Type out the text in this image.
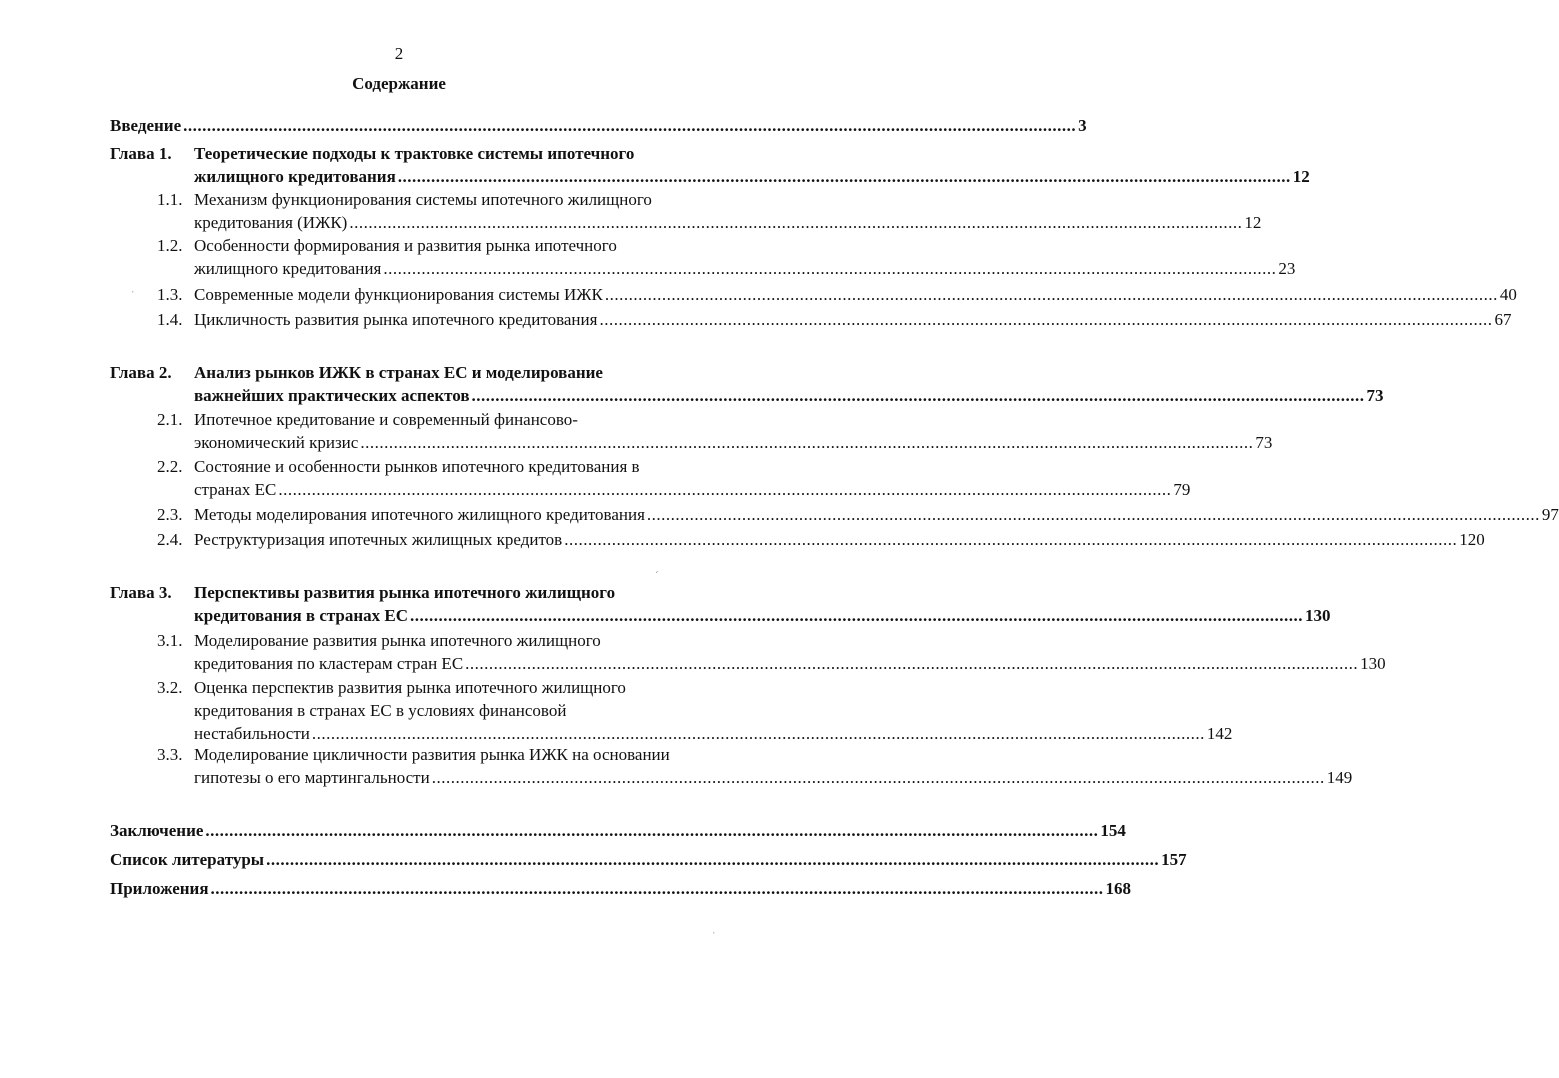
2
Содержание
Введение ............................................................................................................................................................................................ 3
Глава 1. Теоретические подходы к трактовке системы ипотечного
жилищного кредитования ............................................................................................................................................................................................ 12
1.1. Механизм функционирования системы ипотечного жилищного
кредитования (ИЖК) ............................................................................................................................................................................................ 12
1.2. Особенности формирования и развития рынка ипотечного
жилищного кредитования ............................................................................................................................................................................................ 23
1.3. Современные модели функционирования системы ИЖК ............................................................................................................................................................................................ 40
1.4. Цикличность развития рынка ипотечного кредитования ............................................................................................................................................................................................ 67
Глава 2. Анализ рынков ИЖК в странах ЕС и моделирование
важнейших практических аспектов ............................................................................................................................................................................................ 73
2.1. Ипотечное кредитование и современный финансово-
экономический кризис ............................................................................................................................................................................................ 73
2.2. Состояние и особенности рынков ипотечного кредитования в
странах ЕС ............................................................................................................................................................................................ 79
2.3. Методы моделирования ипотечного жилищного кредитования ............................................................................................................................................................................................ 97
2.4. Реструктуризация ипотечных жилищных кредитов ............................................................................................................................................................................................ 120
Глава 3. Перспективы развития рынка ипотечного жилищного
кредитования в странах ЕС ............................................................................................................................................................................................ 130
3.1. Моделирование развития рынка ипотечного жилищного
кредитования по кластерам стран ЕС ............................................................................................................................................................................................ 130
3.2. Оценка перспектив развития рынка ипотечного жилищного
кредитования в странах ЕС в условиях финансовой
нестабильности ............................................................................................................................................................................................ 142
3.3. Моделирование цикличности развития рынка ИЖК на основании
гипотезы о его мартингальности ............................................................................................................................................................................................ 149
Заключение ............................................................................................................................................................................................ 154
Список литературы ............................................................................................................................................................................................ 157
Приложения ............................................................................................................................................................................................ 168
ˈ
ˊ
ˈ
